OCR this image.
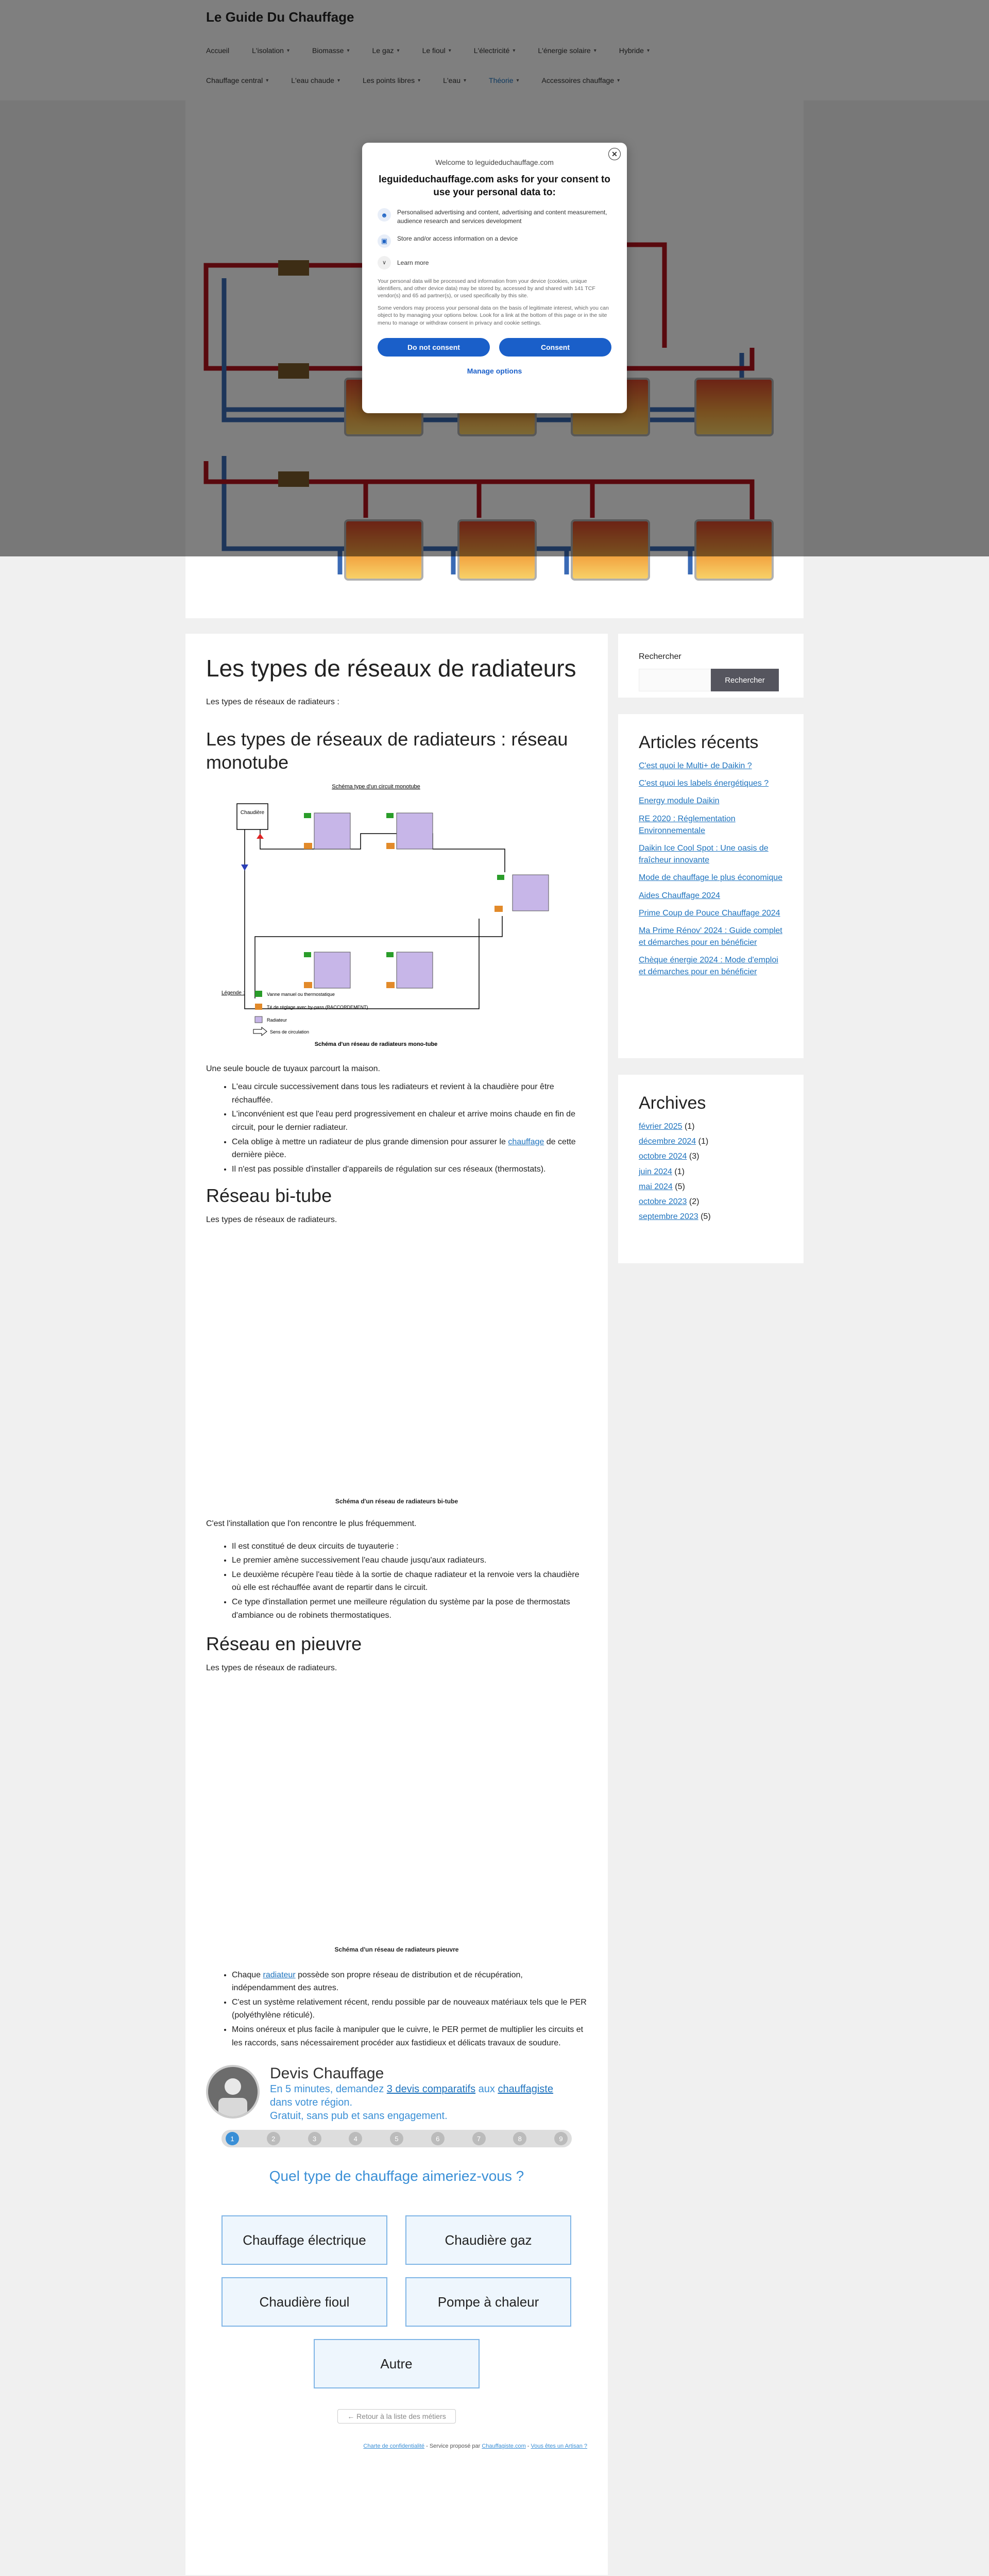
Les types de réseaux de radiateurs

Les types de réseaux de radiateurs :

Les types de réseaux de radiateurs : réseau monotube
Schéma type d'un circuit monotube
Chaudière
Légende :	Vanne manuel ou thermostatique
Té de réglage avec by-pass (RACCORDEMENT)
Radiateur
Sens de circulation
Schéma d'un réseau de radiateurs mono-tube

Une seule boucle de tuyaux parcourt la maison.

• L'eau circule successivement dans tous les radiateurs et revient à la chaudière pour être réchauffée.
• L'inconvénient est que l'eau perd progressivement en chaleur et arrive moins chaude en fin de circuit, pour le dernier radiateur.
• Cela oblige à mettre un radiateur de plus grande dimension pour assurer le chauffage de cette dernière pièce.
• Il n'est pas possible d'installer d'appareils de régulation sur ces réseaux (thermostats).
Réseau bi-tube

Les types de réseaux de radiateurs.

Schéma d'un réseau de radiateurs bi-tube

C'est l'installation que l'on rencontre le plus fréquemment.

• Il est constitué de deux circuits de tuyauterie :
• Le premier amène successivement l'eau chaude jusqu'aux radiateurs.
• Le deuxième récupère l'eau tiède à la sortie de chaque radiateur et la renvoie vers la chaudière où elle est réchauffée avant de repartir dans le circuit.
• Ce type d'installation permet une meilleure régulation du système par la pose de thermostats d'ambiance ou de robinets thermostatiques.
Réseau en pieuvre

Les types de réseaux de radiateurs.

Schéma d'un réseau de radiateurs pieuvre
• Chaque radiateur possède son propre réseau de distribution et de récupération, indépendamment des autres.
• C'est un système relativement récent, rendu possible par de nouveaux matériaux tels que le PER (polyéthylène réticulé).
• Moins onéreux et plus facile à manipuler que le cuivre, le PER permet de multiplier les circuits et les raccords, sans nécessairement procéder aux fastidieux et délicats travaux de soudure.
Devis Chauffage
En 5 minutes, demandez 3 devis comparatifs aux chauffagiste
dans votre région.
Gratuit, sans pub et sans engagement.
1	2	3	4	5	6	7	8	9
Quel type de chauffage aimeriez-vous ?
Chauffage électrique	Chaudière gaz
Chaudière fioul	Pompe à chaleur
Autre
← Retour à la liste des métiers
Charte de confidentialité - Service proposé par Chauffagiste.com - Vous êtes un Artisan ?
Rechercher
Rechercher
Articles récents
C'est quoi le Multi+ de Daikin ?
C'est quoi les labels énergétiques ?
Energy module Daikin
RE 2020 : Réglementation Environnementale
Daikin Ice Cool Spot : Une oasis de fraîcheur innovante
Mode de chauffage le plus économique
Aides Chauffage 2024
Prime Coup de Pouce Chauffage 2024
Ma Prime Rénov' 2024 : Guide complet et démarches pour en bénéficier
Chèque énergie 2024 : Mode d'emploi et démarches pour en bénéficier
Archives
février 2025 (1)
décembre 2024 (1)
octobre 2024 (3)
juin 2024 (1)
mai 2024 (5)
octobre 2023 (2)
septembre 2023 (5)
✕
Welcome to leguideduchauffage.com
leguideduchauffage.com asks for your consent to use your personal data to:
☻	Personalised advertising and content, advertising and content measurement, audience research and services development
▣	Store and/or access information on a device
∨	Learn more
Your personal data will be processed and information from your device (cookies, unique identifiers, and other device data) may be stored by, accessed by and shared with 141 TCF vendor(s) and 65 ad partner(s), or used specifically by this site.
Some vendors may process your personal data on the basis of legitimate interest, which you can object to by managing your options below. Look for a link at the bottom of this page or in the site menu to manage or withdraw consent in privacy and cookie settings.
Do not consent	Consent
Manage options
